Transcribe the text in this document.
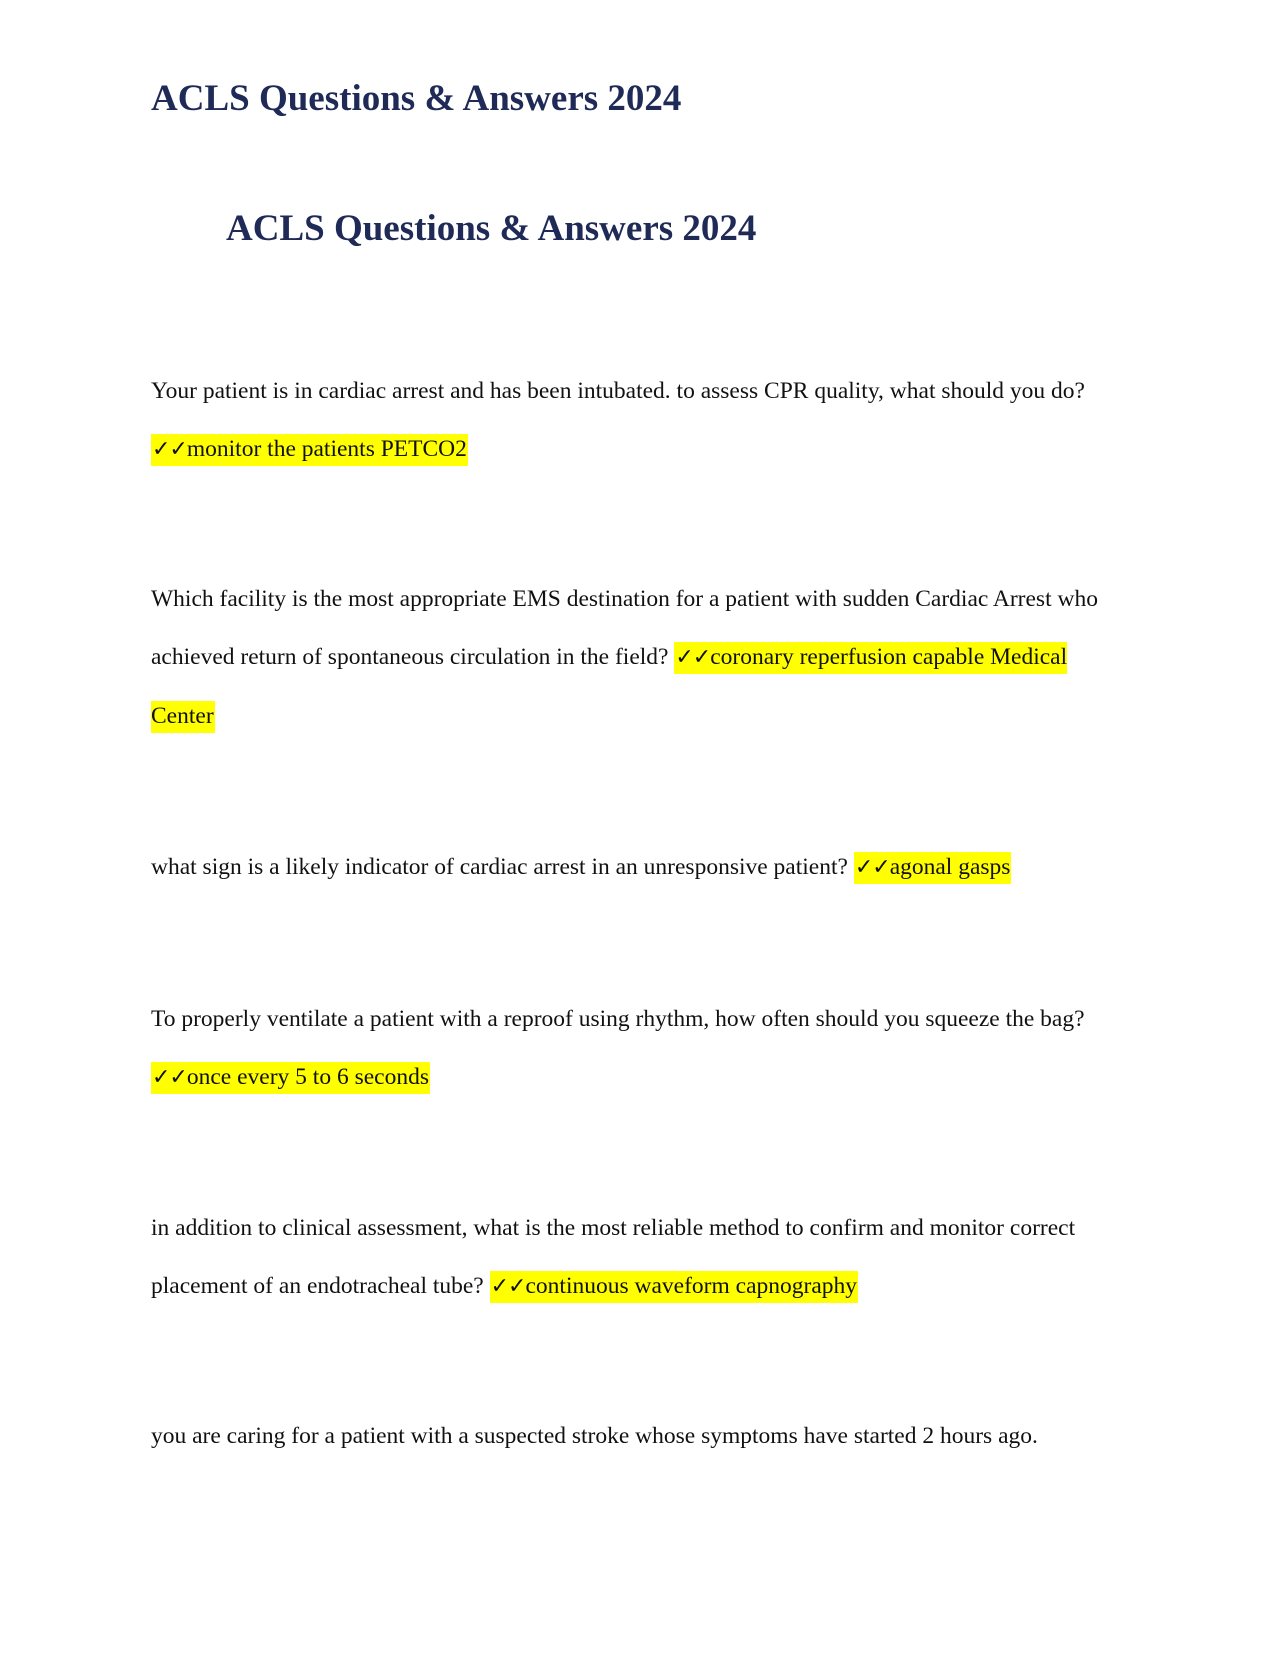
ACLS Questions & Answers 2024
ACLS Questions & Answers 2024

Your patient is in cardiac arrest and has been intubated. to assess CPR quality, what should you do? ✓✓monitor the patients PETCO2

Which facility is the most appropriate EMS destination for a patient with sudden Cardiac Arrest who achieved return of spontaneous circulation in the field? ✓✓coronary reperfusion capable Medical Center

what sign is a likely indicator of cardiac arrest in an unresponsive patient? ✓✓agonal gasps

To properly ventilate a patient with a reproof using rhythm, how often should you squeeze the bag? ✓✓once every 5 to 6 seconds

in addition to clinical assessment, what is the most reliable method to confirm and monitor correct placement of an endotracheal tube? ✓✓continuous waveform capnography

you are caring for a patient with a suspected stroke whose symptoms have started 2 hours ago.
